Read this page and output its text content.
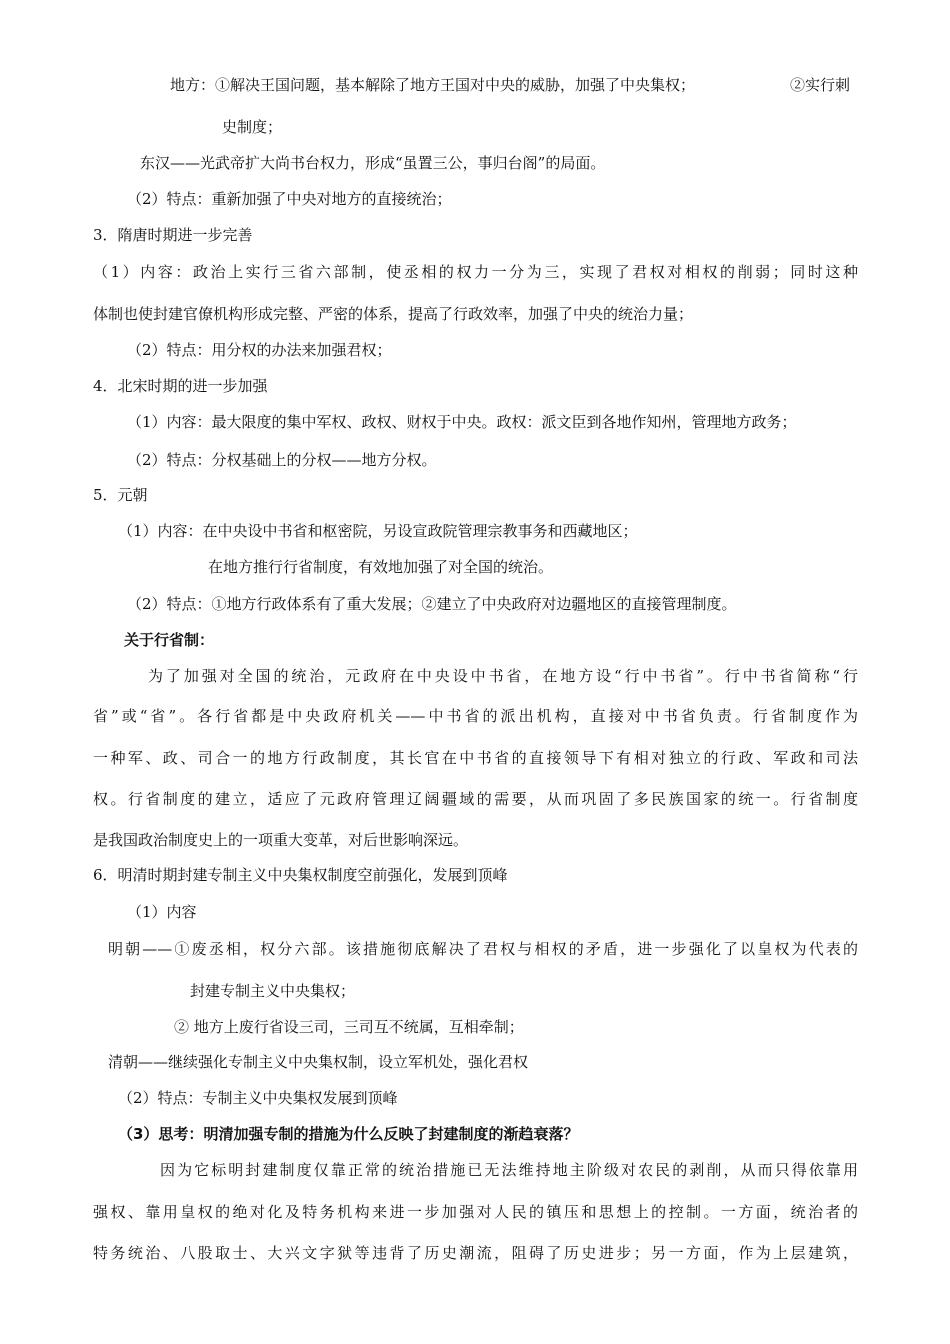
地方：①解决王国问题，基本解除了地方王国对中央的威胁，加强了中央集权；	②实行刺
史制度；
东汉——光武帝扩大尚书台权力，形成“虽置三公，事归台阁”的局面。
（2）特点：重新加强了中央对地方的直接统治；
3．隋唐时期进一步完善
（1）内容：政治上实行三省六部制，使丞相的权力一分为三，实现了君权对相权的削弱；同时这种
体制也使封建官僚机构形成完整、严密的体系，提高了行政效率，加强了中央的统治力量；
（2）特点：用分权的办法来加强君权；
4．北宋时期的进一步加强
（1）内容：最大限度的集中军权、政权、财权于中央。政权：派文臣到各地作知州，管理地方政务；
（2）特点：分权基础上的分权——地方分权。
5．元朝
（1）内容：在中央设中书省和枢密院，另设宣政院管理宗教事务和西藏地区；
在地方推行行省制度，有效地加强了对全国的统治。
（2）特点：①地方行政体系有了重大发展；②建立了中央政府对边疆地区的直接管理制度。
关于行省制：
为了加强对全国的统治，元政府在中央设中书省，在地方设“行中书省”。行中书省简称“行
省”或“省”。各行省都是中央政府机关——中书省的派出机构，直接对中书省负责。行省制度作为
一种军、政、司合一的地方行政制度，其长官在中书省的直接领导下有相对独立的行政、军政和司法
权。行省制度的建立，适应了元政府管理辽阔疆域的需要，从而巩固了多民族国家的统一。行省制度
是我国政治制度史上的一项重大变革，对后世影响深远。
6．明清时期封建专制主义中央集权制度空前强化，发展到顶峰
（1）内容
明朝——①废丞相，权分六部。该措施彻底解决了君权与相权的矛盾，进一步强化了以皇权为代表的
封建专制主义中央集权；
② 地方上废行省设三司，三司互不统属，互相牵制；
清朝——继续强化专制主义中央集权制，设立军机处，强化君权
（2）特点：专制主义中央集权发展到顶峰
（3）思考：明清加强专制的措施为什么反映了封建制度的渐趋衰落？
因为它标明封建制度仅靠正常的统治措施已无法维持地主阶级对农民的剥削，从而只得依靠用
强权、靠用皇权的绝对化及特务机构来进一步加强对人民的镇压和思想上的控制。一方面，统治者的
特务统治、八股取士、大兴文字狱等违背了历史潮流，阻碍了历史进步；另一方面，作为上层建筑，
